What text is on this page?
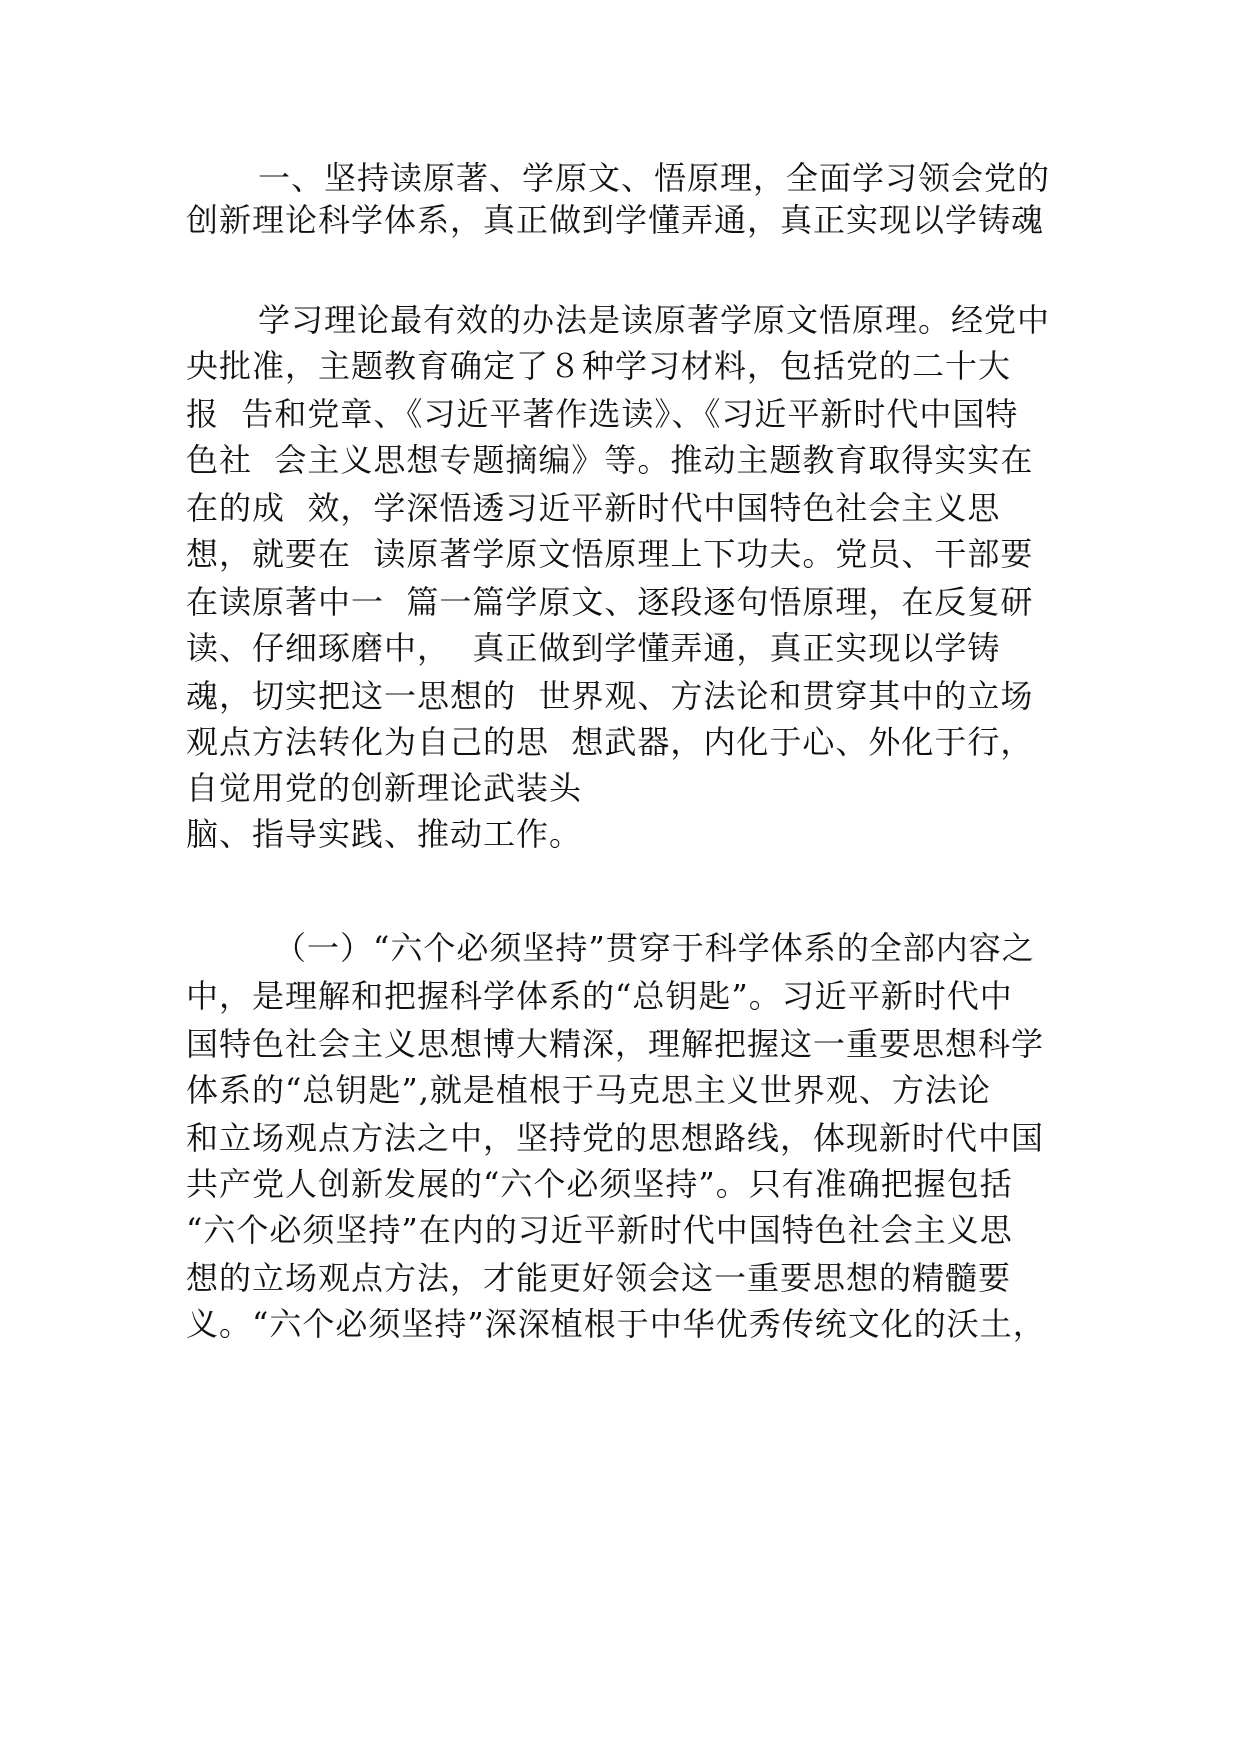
一、坚持读原著、学原文、悟原理，全面学习领会党的
创新理论科学体系，真正做到学懂弄通，真正实现以学铸魂
学习理论最有效的办法是读原著学原文悟原理。经党中
央批准，主题教育确定了８种学习材料，包括党的二十大
报  告和党章、《习近平著作选读》、《习近平新时代中国特
色社  会主义思想专题摘编》等。推动主题教育取得实实在
在的成  效，学深悟透习近平新时代中国特色社会主义思
想，就要在  读原著学原文悟原理上下功夫。党员、干部要
在读原著中一  篇一篇学原文、逐段逐句悟原理，在反复研
读、仔细琢磨中，  真正做到学懂弄通，真正实现以学铸
魂，切实把这一思想的  世界观、方法论和贯穿其中的立场
观点方法转化为自己的思  想武器，内化于心、外化于行，
自觉用党的创新理论武装头
脑、指导实践、推动工作。
（一）“六个必须坚持”贯穿于科学体系的全部内容之
中，是理解和把握科学体系的“总钥匙”。习近平新时代中
国特色社会主义思想博大精深，理解把握这一重要思想科学
体系的“总钥匙”,就是植根于马克思主义世界观、方法论
和立场观点方法之中，坚持党的思想路线，体现新时代中国
共产党人创新发展的“六个必须坚持”。只有准确把握包括
“六个必须坚持”在内的习近平新时代中国特色社会主义思
想的立场观点方法，才能更好领会这一重要思想的精髓要
义。“六个必须坚持”深深植根于中华优秀传统文化的沃土，
